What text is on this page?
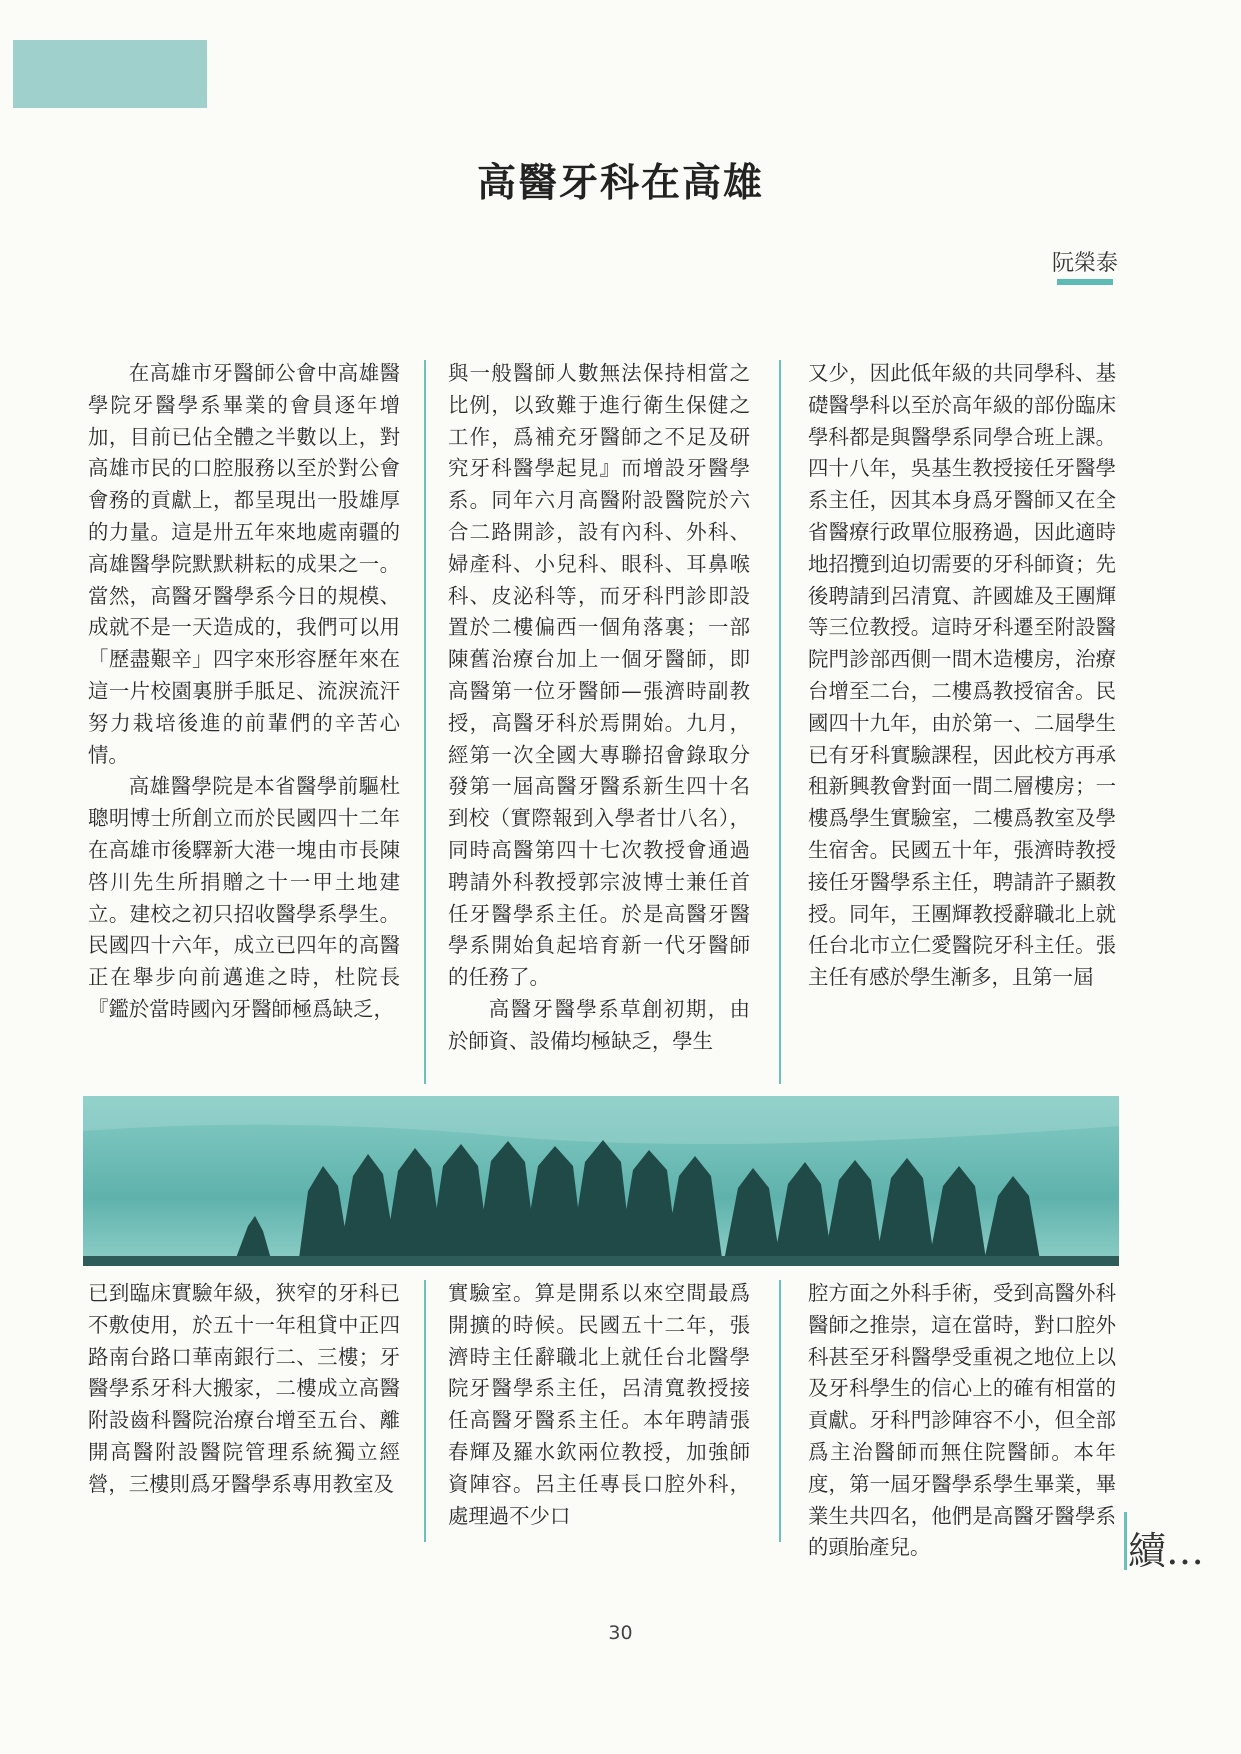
高醫牙科在高雄
阮榮泰

在高雄市牙醫師公會中高雄醫學院牙醫學系畢業的會員逐年增加，目前已佔全體之半數以上，對高雄市民的口腔服務以至於對公會會務的貢獻上，都呈現出一股雄厚的力量。這是卅五年來地處南疆的高雄醫學院默默耕耘的成果之一。當然，高醫牙醫學系今日的規模、成就不是一天造成的，我們可以用「歷盡艱辛」四字來形容歷年來在這一片校園裏胼手胝足、流淚流汗努力栽培後進的前輩們的辛苦心情。

高雄醫學院是本省醫學前驅杜聰明博士所創立而於民國四十二年在高雄市後驛新大港一塊由市長陳啓川先生所捐贈之十一甲土地建立。建校之初只招收醫學系學生。民國四十六年，成立已四年的高醫正在舉步向前邁進之時，杜院長『鑑於當時國內牙醫師極爲缺乏，

與一般醫師人數無法保持相當之比例，以致難于進行衛生保健之工作，爲補充牙醫師之不足及研究牙科醫學起見』而增設牙醫學系。同年六月高醫附設醫院於六合二路開診，設有內科、外科、婦產科、小兒科、眼科、耳鼻喉科、皮泌科等，而牙科門診即設置於二樓偏西一個角落裏；一部陳舊治療台加上一個牙醫師，即高醫第一位牙醫師—張濟時副教授，高醫牙科於焉開始。九月，經第一次全國大專聯招會錄取分發第一屆高醫牙醫系新生四十名到校（實際報到入學者廿八名），同時高醫第四十七次教授會通過聘請外科教授郭宗波博士兼任首任牙醫學系主任。於是高醫牙醫學系開始負起培育新一代牙醫師的任務了。

高醫牙醫學系草創初期，由於師資、設備均極缺乏，學生

又少，因此低年級的共同學科、基礎醫學科以至於高年級的部份臨床學科都是與醫學系同學合班上課。四十八年，吳基生教授接任牙醫學系主任，因其本身爲牙醫師又在全省醫療行政單位服務過，因此適時地招攬到迫切需要的牙科師資；先後聘請到呂清寬、許國雄及王團輝等三位教授。這時牙科遷至附設醫院門診部西側一間木造樓房，治療台增至二台，二樓爲教授宿舍。民國四十九年，由於第一、二屆學生已有牙科實驗課程，因此校方再承租新興教會對面一間二層樓房；一樓爲學生實驗室，二樓爲教室及學生宿舍。民國五十年，張濟時教授接任牙醫學系主任，聘請許子顯教授。同年，王團輝教授辭職北上就任台北市立仁愛醫院牙科主任。張主任有感於學生漸多，且第一屆

已到臨床實驗年級，狹窄的牙科已不敷使用，於五十一年租貸中正四路南台路口華南銀行二、三樓；牙醫學系牙科大搬家，二樓成立高醫附設齒科醫院治療台增至五台、離開高醫附設醫院管理系統獨立經營，三樓則爲牙醫學系專用教室及

實驗室。算是開系以來空間最爲開擴的時候。民國五十二年，張濟時主任辭職北上就任台北醫學院牙醫學系主任，呂清寬教授接任高醫牙醫系主任。本年聘請張春輝及羅水欽兩位教授，加強師資陣容。呂主任專長口腔外科，處理過不少口

腔方面之外科手術，受到高醫外科醫師之推崇，這在當時，對口腔外科甚至牙科醫學受重視之地位上以及牙科學生的信心上的確有相當的貢獻。牙科門診陣容不小，但全部爲主治醫師而無住院醫師。本年度，第一屆牙醫學系學生畢業，畢業生共四名，他們是高醫牙醫學系的頭胎產兒。	續…
30
